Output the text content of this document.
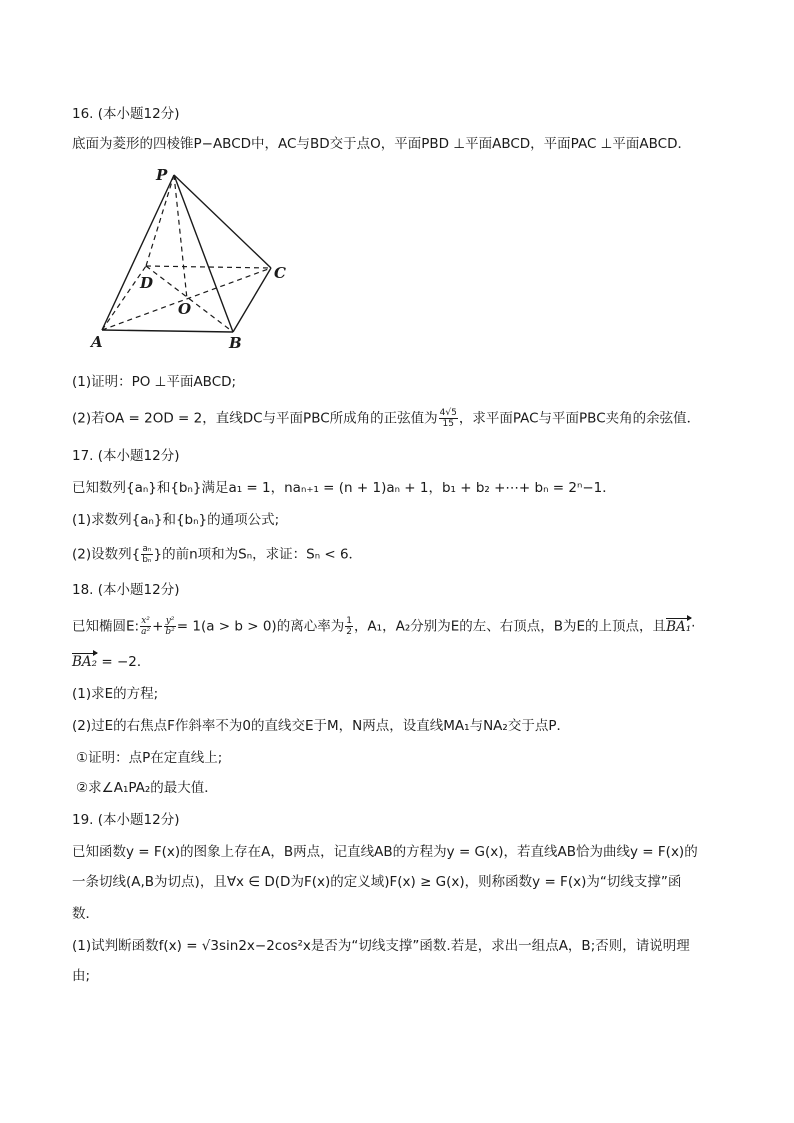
16. (本小题12分)
底面为菱形的四棱锥P−ABCD中，AC与BD交于点O，平面PBD ⊥平面ABCD，平面PAC ⊥平面ABCD．
P
C
D
O
A	B
(1)证明：PO ⊥平面ABCD;
(2)若OA = 2OD = 2，直线DC与平面PBC所成角的正弦值为 $\frac{4√5}{15}$ ，求平面PAC与平面PBC夹角的余弦值．
17. (本小题12分)
已知数列{aₙ}和{bₙ}满足a₁ = 1，naₙ₊₁ = (n + 1)aₙ + 1，b₁ + b₂ +⋯+ bₙ = 2ⁿ−1．
(1)求数列{aₙ}和{bₙ}的通项公式;
(2)设数列{ $\frac{\text{aₙ}}{\text{bₙ}}$ }的前n项和为Sₙ，求证：Sₙ < 6．
18. (本小题12分)
已知椭圆E: $\frac{\text{x²}}{\text{a²}} + \frac{\text{y²}}{\text{b²}} = 1(a > b > 0)$的离心率为 $\frac{1}{2}$ ，A₁，A₂分别为E的左、右顶点，B为E的上顶点，且BA₁·
BA₂ = −2．
(1)求E的方程;
(2)过E的右焦点F作斜率不为0的直线交E于M，N两点，设直线MA₁与NA₂交于点P．
①证明：点P在定直线上;
②求∠A₁PA₂的最大值．
19. (本小题12分)
已知函数y = F(x)的图象上存在A，B两点，记直线AB的方程为y = G(x)，若直线AB恰为曲线y = F(x)的
一条切线(A,B为切点)，且∀x ∈ D(D为F(x)的定义域)F(x) ≥ G(x)，则称函数y = F(x)为“切线支撑”函
数．
(1)试判断函数f(x) = √3sin2x−2cos²x是否为“切线支撑”函数.若是，求出一组点A，B;否则，请说明理
由;
